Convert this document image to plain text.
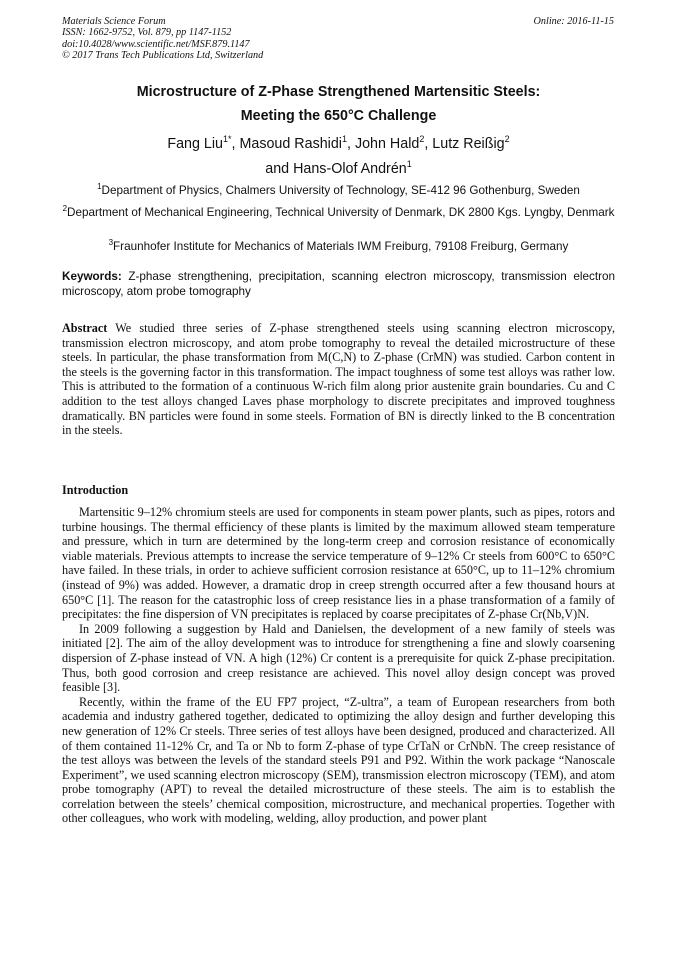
Materials Science Forum
ISSN: 1662-9752, Vol. 879, pp 1147-1152
doi:10.4028/www.scientific.net/MSF.879.1147
© 2017 Trans Tech Publications Ltd, Switzerland
Online: 2016-11-15
Microstructure of Z-Phase Strengthened Martensitic Steels:
Meeting the 650°C Challenge
Fang Liu$^{1*}$, Masoud Rashidi$^1$, John Hald$^2$, Lutz Reißig$^2$
and Hans-Olof Andrén$^1$
$^1$Department of Physics, Chalmers University of Technology, SE-412 96 Gothenburg, Sweden
$^2$Department of Mechanical Engineering, Technical University of Denmark, DK 2800 Kgs. Lyngby, Denmark
$^3$Fraunhofer Institute for Mechanics of Materials IWM Freiburg, 79108 Freiburg, Germany
Keywords: Z-phase strengthening, precipitation, scanning electron microscopy, transmission electron microscopy, atom probe tomography
Abstract We studied three series of Z-phase strengthened steels using scanning electron microscopy, transmission electron microscopy, and atom probe tomography to reveal the detailed microstructure of these steels. In particular, the phase transformation from M(C,N) to Z-phase (CrMN) was studied. Carbon content in the steels is the governing factor in this transformation. The impact toughness of some test alloys was rather low. This is attributed to the formation of a continuous W-rich film along prior austenite grain boundaries. Cu and C addition to the test alloys changed Laves phase morphology to discrete precipitates and improved toughness dramatically. BN particles were found in some steels. Formation of BN is directly linked to the B concentration in the steels.
Introduction

Martensitic 9–12% chromium steels are used for components in steam power plants, such as pipes, rotors and turbine housings. The thermal efficiency of these plants is limited by the maximum allowed steam temperature and pressure, which in turn are determined by the long-term creep and corrosion resistance of economically viable materials. Previous attempts to increase the service temperature of 9–12% Cr steels from 600°C to 650°C have failed. In these trials, in order to achieve sufficient corrosion resistance at 650°C, up to 11–12% chromium (instead of 9%) was added. However, a dramatic drop in creep strength occurred after a few thousand hours at 650°C [1]. The reason for the catastrophic loss of creep resistance lies in a phase transformation of a family of precipitates: the fine dispersion of VN precipitates is replaced by coarse precipitates of Z-phase Cr(Nb,V)N.

In 2009 following a suggestion by Hald and Danielsen, the development of a new family of steels was initiated [2]. The aim of the alloy development was to introduce for strengthening a fine and slowly coarsening dispersion of Z-phase instead of VN. A high (12%) Cr content is a prerequisite for quick Z-phase precipitation. Thus, both good corrosion and creep resistance are achieved. This novel alloy design concept was proved feasible [3].

Recently, within the frame of the EU FP7 project, “Z-ultra”, a team of European researchers from both academia and industry gathered together, dedicated to optimizing the alloy design and further developing this new generation of 12% Cr steels. Three series of test alloys have been designed, produced and characterized. All of them contained 11-12% Cr, and Ta or Nb to form Z-phase of type CrTaN or CrNbN. The creep resistance of the test alloys was between the levels of the standard steels P91 and P92. Within the work package “Nanoscale Experiment”, we used scanning electron microscopy (SEM), transmission electron microscopy (TEM), and atom probe tomography (APT) to reveal the detailed microstructure of these steels. The aim is to establish the correlation between the steels’ chemical composition, microstructure, and mechanical properties. Together with other colleagues, who work with modeling, welding, alloy production, and power plant
